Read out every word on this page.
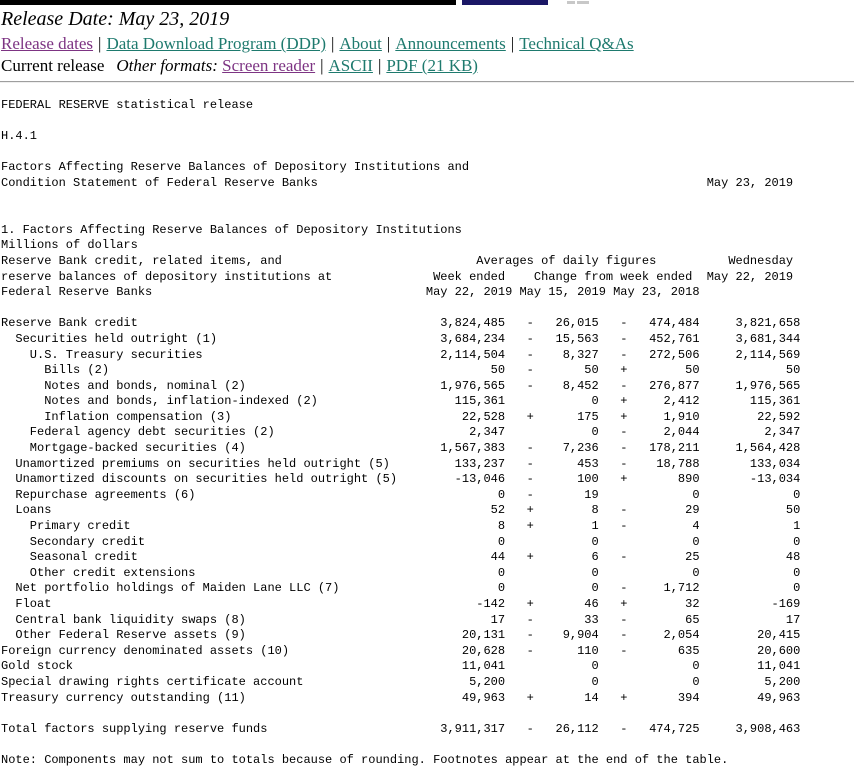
Release Date: May 23, 2019
Release dates | Data Download Program (DDP) | About | Announcements | Technical Q&As
Current release Other formats: Screen reader | ASCII | PDF (21 KB)
FEDERAL RESERVE statistical release
H.4.1
Factors Affecting Reserve Balances of Depository Institutions and
Condition Statement of Federal Reserve Banks                                                      May 23, 2019
1. Factors Affecting Reserve Balances of Depository Institutions
Millions of dollars
Reserve Bank credit, related items, and                           Averages of daily figures          Wednesday
reserve balances of depository institutions at              Week ended    Change from week ended  May 22, 2019
Federal Reserve Banks                                      May 22, 2019 May 15, 2019 May 23, 2018
Reserve Bank credit                                          3,824,485   -   26,015   -   474,484     3,821,658
Securities held outright (1)                               3,684,234   -   15,563   -   452,761     3,681,344
U.S. Treasury securities                                 2,114,504   -    8,327   -   272,506     2,114,569
Bills (2)                                                     50   -       50   +        50            50
Notes and bonds, nominal (2)                           1,976,565   -    8,452   -   276,877     1,976,565
Notes and bonds, inflation-indexed (2)                   115,361            0   +     2,412       115,361
Inflation compensation (3)                                22,528   +      175   +     1,910        22,592
Federal agency debt securities (2)                           2,347            0   -     2,044         2,347
Mortgage-backed securities (4)                           1,567,383   -    7,236   -   178,211     1,564,428
Unamortized premiums on securities held outright (5)         133,237   -      453   -    18,788       133,034
Unamortized discounts on securities held outright (5)        -13,046   -      100   +       890       -13,034
Repurchase agreements (6)                                          0   -       19             0             0
Loans                                                             52   +        8   -        29            50
Primary credit                                                   8   +        1   -         4             1
Secondary credit                                                 0            0             0             0
Seasonal credit                                                 44   +        6   -        25            48
Other credit extensions                                          0            0             0             0
Net portfolio holdings of Maiden Lane LLC (7)                      0            0   -     1,712             0
Float                                                           -142   +       46   +        32          -169
Central bank liquidity swaps (8)                                  17   -       33   -        65            17
Other Federal Reserve assets (9)                              20,131   -    9,904   -     2,054        20,415
Foreign currency denominated assets (10)                        20,628   -      110   -       635        20,600
Gold stock                                                      11,041            0             0        11,041
Special drawing rights certificate account                       5,200            0             0         5,200
Treasury currency outstanding (11)                              49,963   +       14   +       394        49,963
Total factors supplying reserve funds                        3,911,317   -   26,112   -   474,725     3,908,463
Note: Components may not sum to totals because of rounding. Footnotes appear at the end of the table.
